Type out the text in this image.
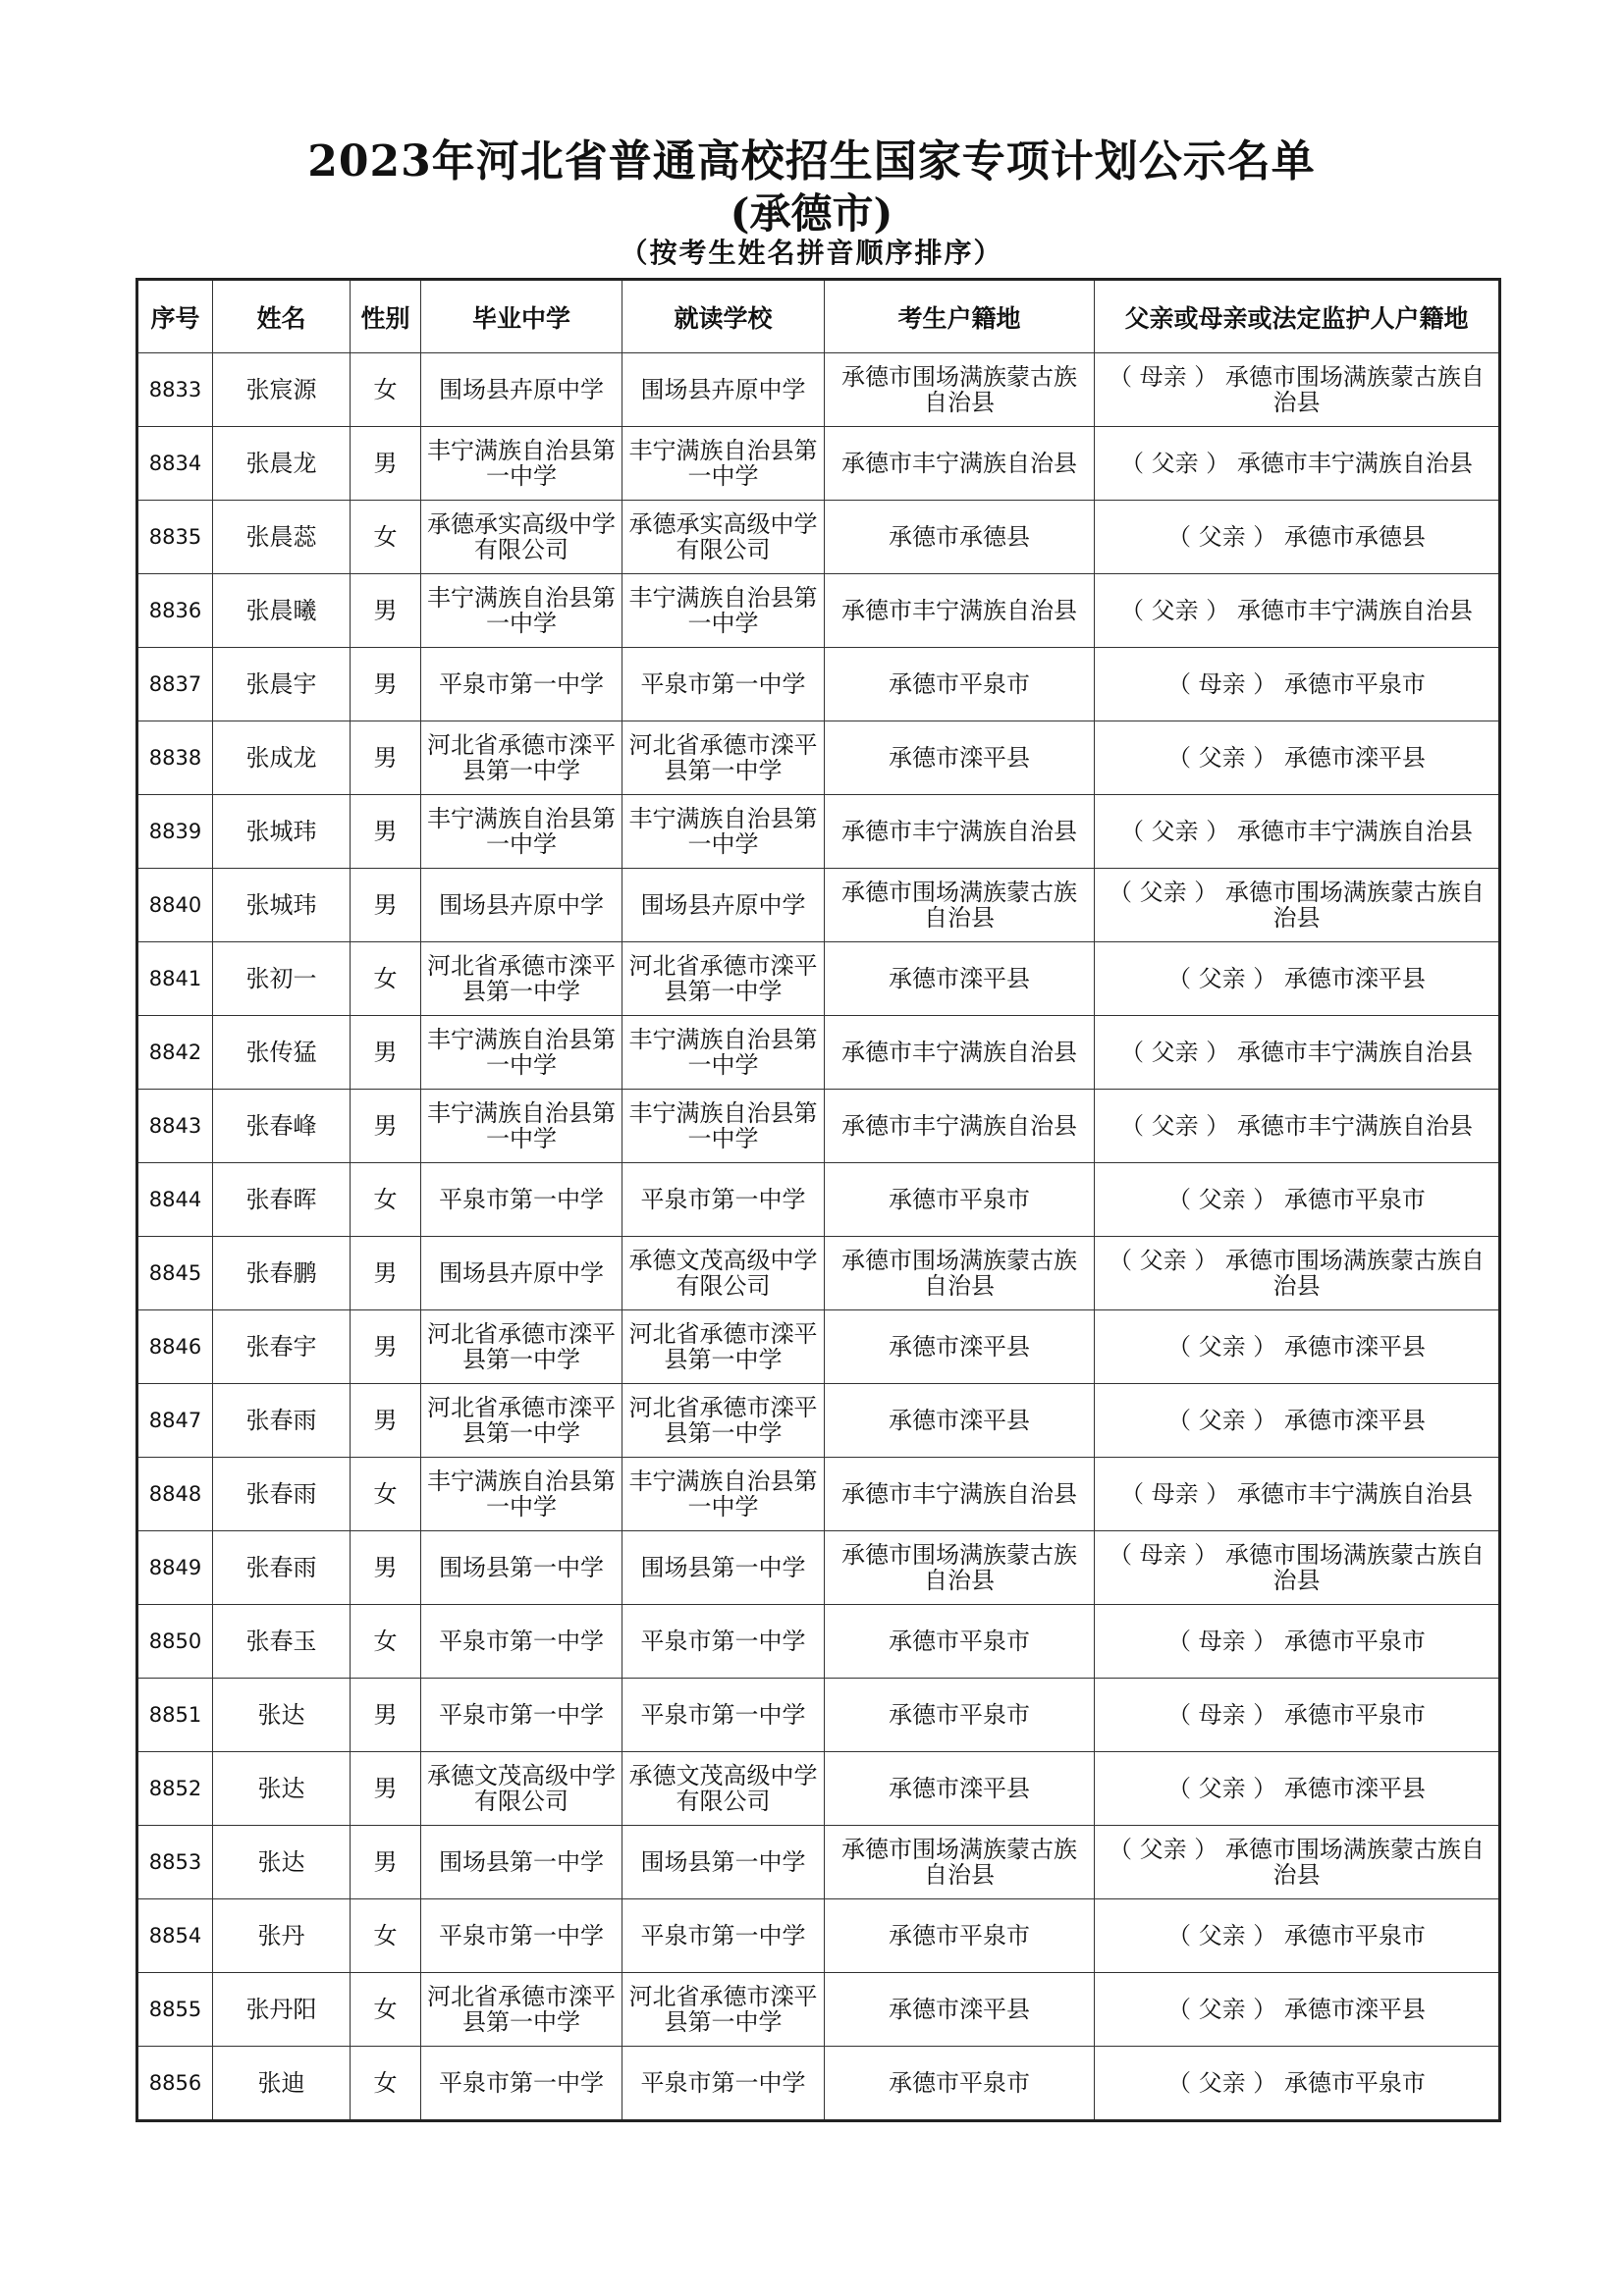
2023年河北省普通高校招生国家专项计划公示名单
(承德市)
（按考生姓名拼音顺序排序）
序号	姓名	性别	毕业中学	就读学校	考生户籍地	父亲或母亲或法定监护人户籍地
8833	张宸源	女	围场县卉原中学	围场县卉原中学	承德市围场满族蒙古族自治县	（ 母亲 ） 承德市围场满族蒙古族自治县
8834	张晨龙	男	丰宁满族自治县第一中学	丰宁满族自治县第一中学	承德市丰宁满族自治县	（ 父亲 ） 承德市丰宁满族自治县
8835	张晨蕊	女	承德承实高级中学有限公司	承德承实高级中学有限公司	承德市承德县	（ 父亲 ） 承德市承德县
8836	张晨曦	男	丰宁满族自治县第一中学	丰宁满族自治县第一中学	承德市丰宁满族自治县	（ 父亲 ） 承德市丰宁满族自治县
8837	张晨宇	男	平泉市第一中学	平泉市第一中学	承德市平泉市	（ 母亲 ） 承德市平泉市
8838	张成龙	男	河北省承德市滦平县第一中学	河北省承德市滦平县第一中学	承德市滦平县	（ 父亲 ） 承德市滦平县
8839	张城玮	男	丰宁满族自治县第一中学	丰宁满族自治县第一中学	承德市丰宁满族自治县	（ 父亲 ） 承德市丰宁满族自治县
8840	张城玮	男	围场县卉原中学	围场县卉原中学	承德市围场满族蒙古族自治县	（ 父亲 ） 承德市围场满族蒙古族自治县
8841	张初一	女	河北省承德市滦平县第一中学	河北省承德市滦平县第一中学	承德市滦平县	（ 父亲 ） 承德市滦平县
8842	张传猛	男	丰宁满族自治县第一中学	丰宁满族自治县第一中学	承德市丰宁满族自治县	（ 父亲 ） 承德市丰宁满族自治县
8843	张春峰	男	丰宁满族自治县第一中学	丰宁满族自治县第一中学	承德市丰宁满族自治县	（ 父亲 ） 承德市丰宁满族自治县
8844	张春晖	女	平泉市第一中学	平泉市第一中学	承德市平泉市	（ 父亲 ） 承德市平泉市
8845	张春鹏	男	围场县卉原中学	承德文茂高级中学有限公司	承德市围场满族蒙古族自治县	（ 父亲 ） 承德市围场满族蒙古族自治县
8846	张春宇	男	河北省承德市滦平县第一中学	河北省承德市滦平县第一中学	承德市滦平县	（ 父亲 ） 承德市滦平县
8847	张春雨	男	河北省承德市滦平县第一中学	河北省承德市滦平县第一中学	承德市滦平县	（ 父亲 ） 承德市滦平县
8848	张春雨	女	丰宁满族自治县第一中学	丰宁满族自治县第一中学	承德市丰宁满族自治县	（ 母亲 ） 承德市丰宁满族自治县
8849	张春雨	男	围场县第一中学	围场县第一中学	承德市围场满族蒙古族自治县	（ 母亲 ） 承德市围场满族蒙古族自治县
8850	张春玉	女	平泉市第一中学	平泉市第一中学	承德市平泉市	（ 母亲 ） 承德市平泉市
8851	张达	男	平泉市第一中学	平泉市第一中学	承德市平泉市	（ 母亲 ） 承德市平泉市
8852	张达	男	承德文茂高级中学有限公司	承德文茂高级中学有限公司	承德市滦平县	（ 父亲 ） 承德市滦平县
8853	张达	男	围场县第一中学	围场县第一中学	承德市围场满族蒙古族自治县	（ 父亲 ） 承德市围场满族蒙古族自治县
8854	张丹	女	平泉市第一中学	平泉市第一中学	承德市平泉市	（ 父亲 ） 承德市平泉市
8855	张丹阳	女	河北省承德市滦平县第一中学	河北省承德市滦平县第一中学	承德市滦平县	（ 父亲 ） 承德市滦平县
8856	张迪	女	平泉市第一中学	平泉市第一中学	承德市平泉市	（ 父亲 ） 承德市平泉市
